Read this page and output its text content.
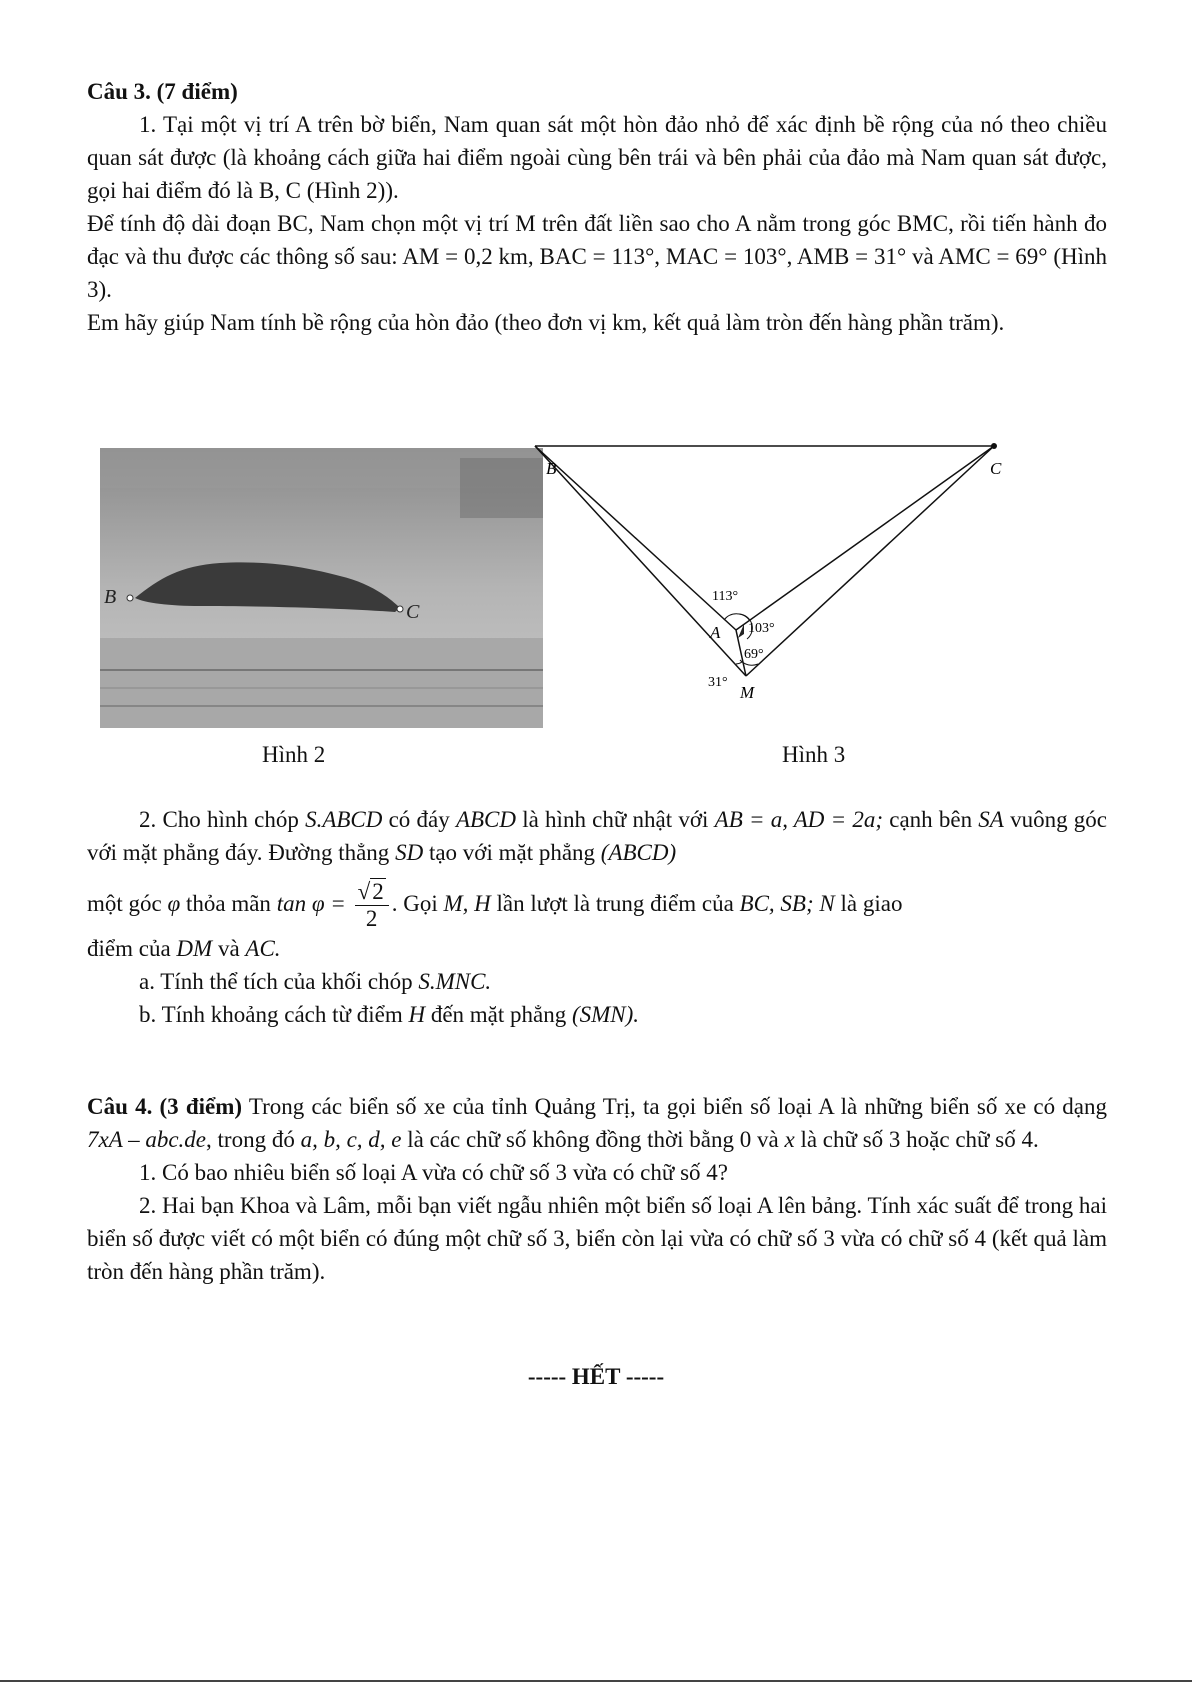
Câu 3. (7 điểm)

1. Tại một vị trí A trên bờ biển, Nam quan sát một hòn đảo nhỏ để xác định bề rộng của nó theo chiều quan sát được (là khoảng cách giữa hai điểm ngoài cùng bên trái và bên phải của đảo mà Nam quan sát được, gọi hai điểm đó là B, C (Hình 2)).

Để tính độ dài đoạn BC, Nam chọn một vị trí M trên đất liền sao cho A nằm trong góc BMC, rồi tiến hành đo đạc và thu được các thông số sau: AM = 0,2 km, BAC = 113°, MAC = 103°, AMB = 31° và AMC = 69° (Hình 3).

Em hãy giúp Nam tính bề rộng của hòn đảo (theo đơn vị km, kết quả làm tròn đến hàng phần trăm).

B
C
Hình 2
B	C
A
M
113°
103°
69°
31°
Hình 3

2. Cho hình chóp S.ABCD có đáy ABCD là hình chữ nhật với AB = a, AD = 2a; cạnh bên SA vuông góc với mặt phẳng đáy. Đường thẳng SD tạo với mặt phẳng (ABCD)

một góc φ thỏa mãn $\tan \varphi = \frac{√2}{2}$ . Gọi M, H lần lượt là trung điểm của BC, SB; N là giao

điểm của DM và AC.

a. Tính thể tích của khối chóp S.MNC.

b. Tính khoảng cách từ điểm H đến mặt phẳng (SMN).

Câu 4. (3 điểm) Trong các biển số xe của tỉnh Quảng Trị, ta gọi biển số loại A là những biển số xe có dạng 7xA – abc.de, trong đó a, b, c, d, e là các chữ số không đồng thời bằng 0 và x là chữ số 3 hoặc chữ số 4.

1. Có bao nhiêu biển số loại A vừa có chữ số 3 vừa có chữ số 4?

2. Hai bạn Khoa và Lâm, mỗi bạn viết ngẫu nhiên một biển số loại A lên bảng. Tính xác suất để trong hai biển số được viết có một biển có đúng một chữ số 3, biển còn lại vừa có chữ số 3 vừa có chữ số 4 (kết quả làm tròn đến hàng phần trăm).

----- HẾT -----
